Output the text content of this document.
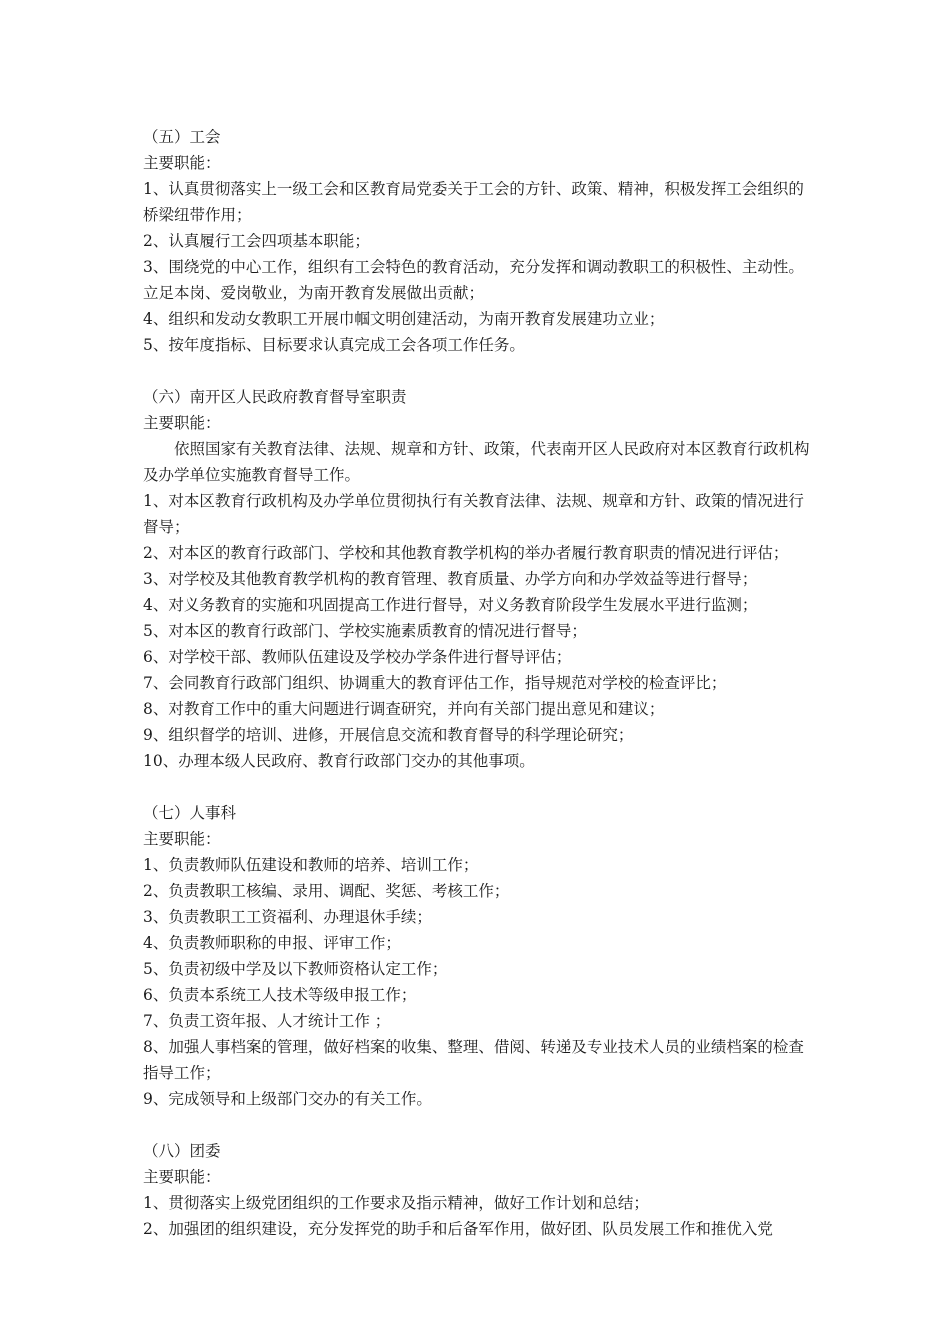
（五）工会
主要职能：
1、认真贯彻落实上一级工会和区教育局党委关于工会的方针、政策、精神，积极发挥工会组织的桥梁纽带作用；
2、认真履行工会四项基本职能；
3、围绕党的中心工作，组织有工会特色的教育活动，充分发挥和调动教职工的积极性、主动性。立足本岗、爱岗敬业，为南开教育发展做出贡献；
4、组织和发动女教职工开展巾帼文明创建活动，为南开教育发展建功立业；
5、按年度指标、目标要求认真完成工会各项工作任务。
（六）南开区人民政府教育督导室职责
主要职能：
依照国家有关教育法律、法规、规章和方针、政策，代表南开区人民政府对本区教育行政机构及办学单位实施教育督导工作。
1、对本区教育行政机构及办学单位贯彻执行有关教育法律、法规、规章和方针、政策的情况进行督导；
2、对本区的教育行政部门、学校和其他教育教学机构的举办者履行教育职责的情况进行评估；
3、对学校及其他教育教学机构的教育管理、教育质量、办学方向和办学效益等进行督导；
4、对义务教育的实施和巩固提高工作进行督导，对义务教育阶段学生发展水平进行监测；
5、对本区的教育行政部门、学校实施素质教育的情况进行督导；
6、对学校干部、教师队伍建设及学校办学条件进行督导评估；
7、会同教育行政部门组织、协调重大的教育评估工作，指导规范对学校的检查评比；
8、对教育工作中的重大问题进行调查研究，并向有关部门提出意见和建议；
9、组织督学的培训、进修，开展信息交流和教育督导的科学理论研究；
10、办理本级人民政府、教育行政部门交办的其他事项。
（七）人事科
主要职能：
1、负责教师队伍建设和教师的培养、培训工作；
2、负责教职工核编、录用、调配、奖惩、考核工作；
3、负责教职工工资福利、办理退休手续；
4、负责教师职称的申报、评审工作；
5、负责初级中学及以下教师资格认定工作；
6、负责本系统工人技术等级申报工作；
7、负责工资年报、人才统计工作 ；
8、加强人事档案的管理，做好档案的收集、整理、借阅、转递及专业技术人员的业绩档案的检查指导工作；
9、完成领导和上级部门交办的有关工作。
（八）团委
主要职能：
1、贯彻落实上级党团组织的工作要求及指示精神，做好工作计划和总结；
2、加强团的组织建设，充分发挥党的助手和后备军作用，做好团、队员发展工作和推优入党
